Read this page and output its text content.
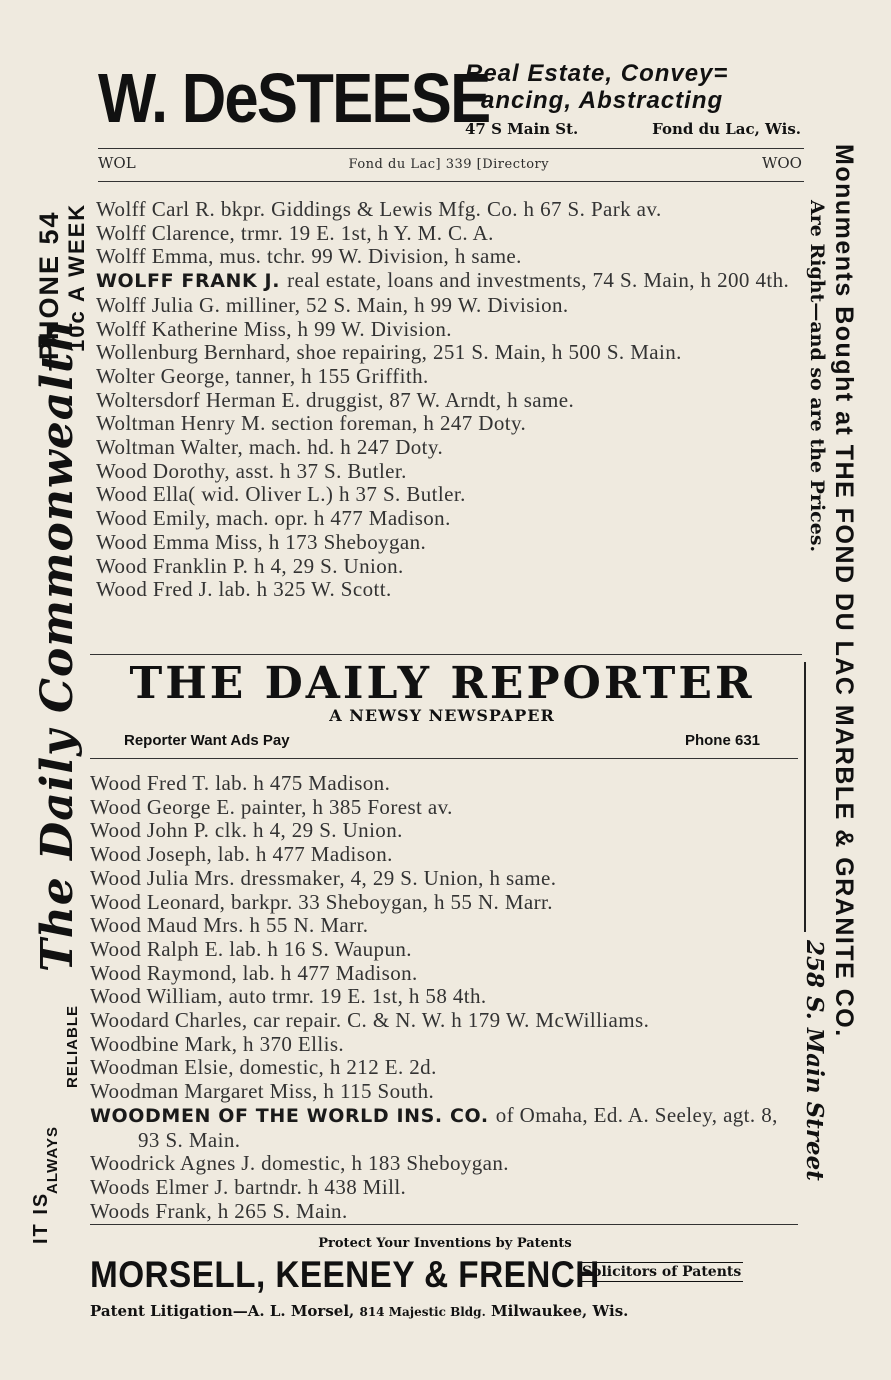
W. DeSTEESE
Real Estate, Convey=
ancing, Abstracting
47 S Main St.	Fond du Lac, Wis.
WOL	Fond du Lac] 339 [Directory	WOO
Wolff Carl R. bkpr. Giddings & Lewis Mfg. Co. h 67 S. Park av.
Wolff Clarence, trmr. 19 E. 1st, h Y. M. C. A.
Wolff Emma, mus. tchr. 99 W. Division, h same.
WOLFF FRANK J. real estate, loans and investments, 74 S. Main, h 200 4th.
Wolff Julia G. milliner, 52 S. Main, h 99 W. Division.
Wolff Katherine Miss, h 99 W. Division.
Wollenburg Bernhard, shoe repairing, 251 S. Main, h 500 S. Main.
Wolter George, tanner, h 155 Griffith.
Woltersdorf Herman E. druggist, 87 W. Arndt, h same.
Woltman Henry M. section foreman, h 247 Doty.
Woltman Walter, mach. hd. h 247 Doty.
Wood Dorothy, asst. h 37 S. Butler.
Wood Ella( wid. Oliver L.) h 37 S. Butler.
Wood Emily, mach. opr. h 477 Madison.
Wood Emma Miss, h 173 Sheboygan.
Wood Franklin P. h 4, 29 S. Union.
Wood Fred J. lab. h 325 W. Scott.
THE DAILY REPORTER
A NEWSY NEWSPAPER
Reporter Want Ads Pay	Phone 631
Wood Fred T. lab. h 475 Madison.
Wood George E. painter, h 385 Forest av.
Wood John P. clk. h 4, 29 S. Union.
Wood Joseph, lab. h 477 Madison.
Wood Julia Mrs. dressmaker, 4, 29 S. Union, h same.
Wood Leonard, barkpr. 33 Sheboygan, h 55 N. Marr.
Wood Maud Mrs. h 55 N. Marr.
Wood Ralph E. lab. h 16 S. Waupun.
Wood Raymond, lab. h 477 Madison.
Wood William, auto trmr. 19 E. 1st, h 58 4th.
Woodard Charles, car repair. C. & N. W. h 179 W. McWilliams.
Woodbine Mark, h 370 Ellis.
Woodman Elsie, domestic, h 212 E. 2d.
Woodman Margaret Miss, h 115 South.
WOODMEN OF THE WORLD INS. CO. of Omaha, Ed. A. Seeley, agt. 8, 93 S. Main.
Woodrick Agnes J. domestic, h 183 Sheboygan.
Woods Elmer J. bartndr. h 438 Mill.
Woods Frank, h 265 S. Main.
Protect Your Inventions by Patents
MORSELL, KEENEY & FRENCH
Solicitors of Patents
Patent Litigation—A. L. Morsel, 814 Majestic Bldg. Milwaukee, Wis.
PHONE 54 10c A WEEK
The Daily Commonwealth
IT IS
ALWAYS
RELIABLE
Monuments Bought at THE FOND DU LAC MARBLE & GRANITE CO.
Are Right—and so are the Prices.
258 S. Main Street
